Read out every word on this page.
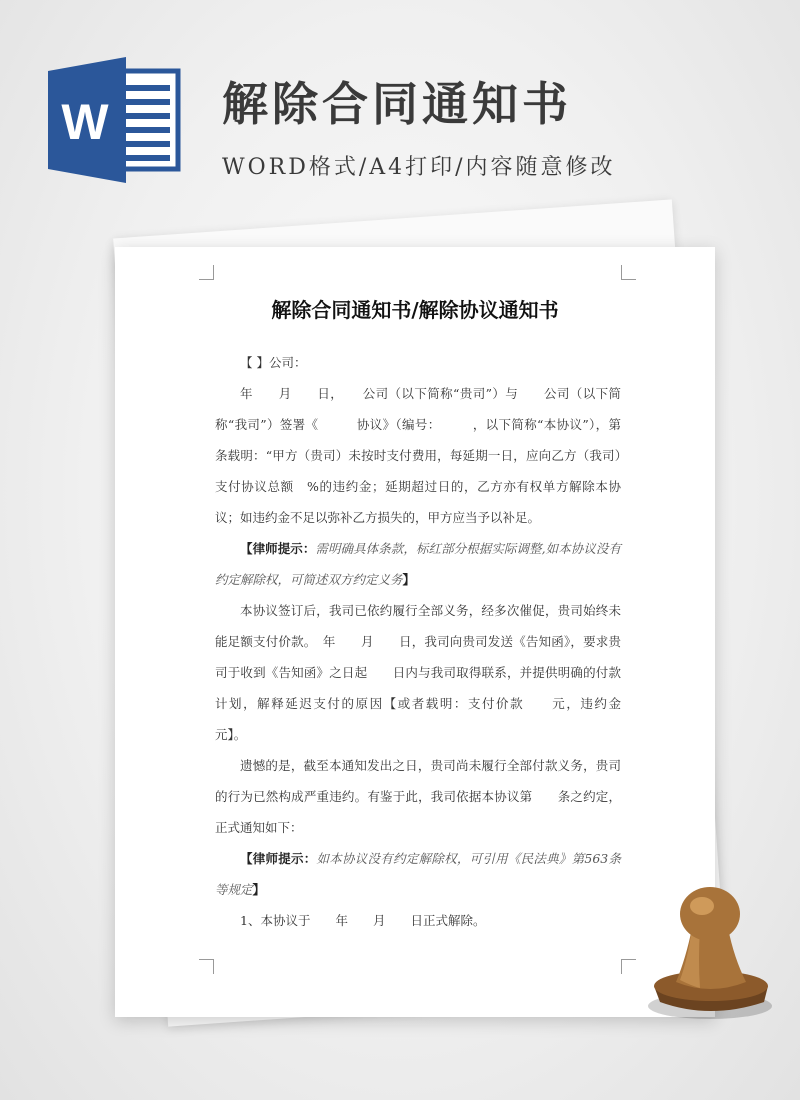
W 解除合同通知书
WORD格式/A4打印/内容随意修改
解除合同通知书/解除协议通知书

【 】公司：

年　　月　　日，　　公司（以下简称“贵司”）与　　公司（以下简称“我司”）签署《　　　协议》（编号：　　　，以下简称“本协议”），第　　条载明：“甲方（贵司）未按时支付费用，每延期一日，应向乙方（我司）支付协议总额　%的违约金；延期超过日的，乙方亦有权单方解除本协议；如违约金不足以弥补乙方损失的，甲方应当予以补足。

【律师提示：需明确具体条款，标红部分根据实际调整,如本协议没有约定解除权，可简述双方约定义务】

本协议签订后，我司已依约履行全部义务，经多次催促，贵司始终未能足额支付价款。　年　　月　　日，我司向贵司发送《告知函》，要求贵司于收到《告知函》之日起　　日内与我司取得联系，并提供明确的付款计划，解释延迟支付的原因【或者载明：支付价款　　元，违约金　　元】。

遗憾的是，截至本通知发出之日，贵司尚未履行全部付款义务，贵司的行为已然构成严重违约。有鉴于此，我司依据本协议第　　条之约定，正式通知如下：

【律师提示：如本协议没有约定解除权，可引用《民法典》第563条等规定】

1、本协议于　　年　　月　　日正式解除。
